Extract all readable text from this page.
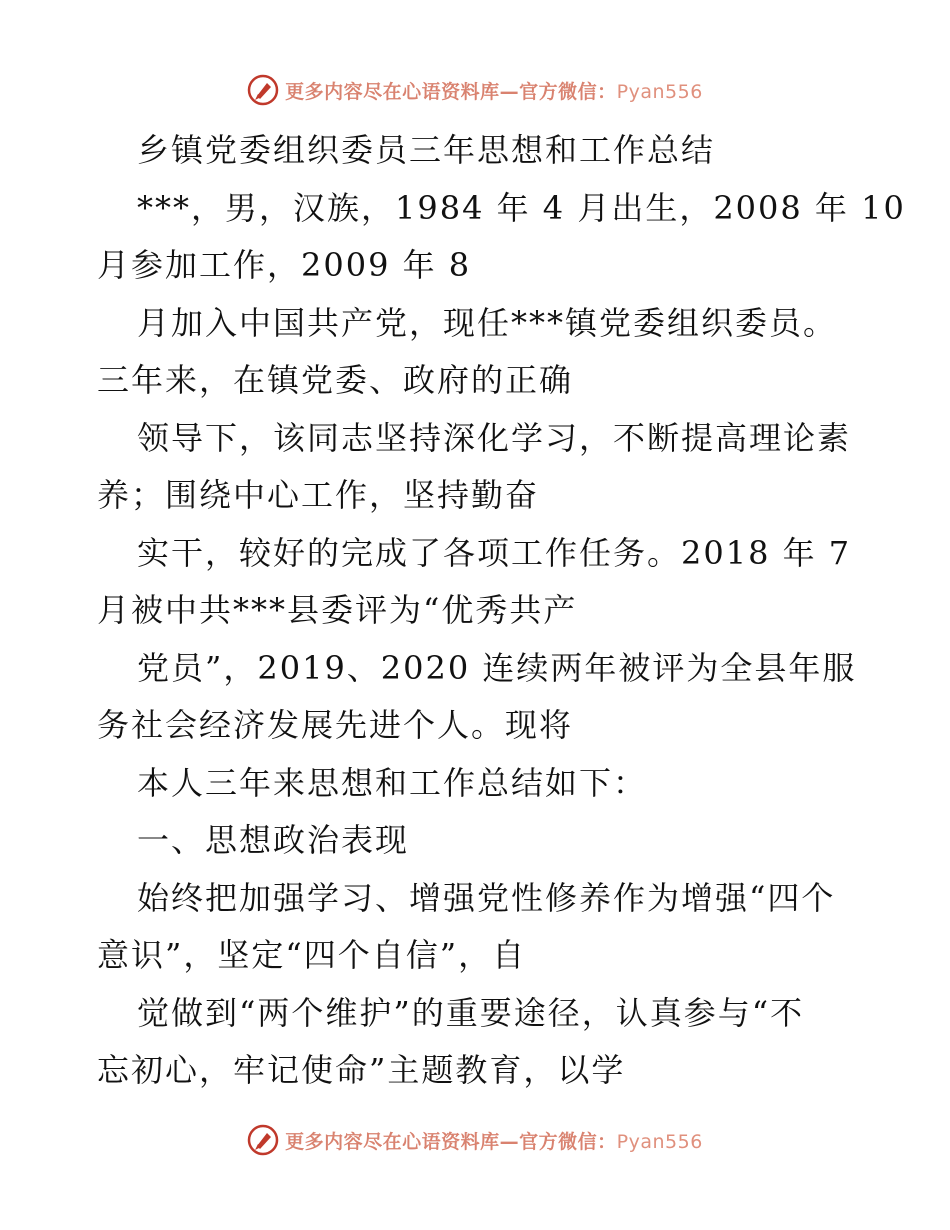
更多内容尽在心语资料库—官方微信：Pyan556
乡镇党委组织委员三年思想和工作总结
***，男，汉族，1984 年 4 月出生，2008 年 10
月参加工作，2009 年 8
月加入中国共产党，现任***镇党委组织委员。
三年来，在镇党委、政府的正确
领导下，该同志坚持深化学习，不断提高理论素
养；围绕中心工作，坚持勤奋
实干，较好的完成了各项工作任务。2018 年 7
月被中共***县委评为“优秀共产
党员”，2019、2020 连续两年被评为全县年服
务社会经济发展先进个人。现将
本人三年来思想和工作总结如下：
一、思想政治表现
始终把加强学习、增强党性修养作为增强“四个
意识”，坚定“四个自信”，自
觉做到“两个维护”的重要途径，认真参与“不
忘初心，牢记使命”主题教育，以学
更多内容尽在心语资料库—官方微信：Pyan556
